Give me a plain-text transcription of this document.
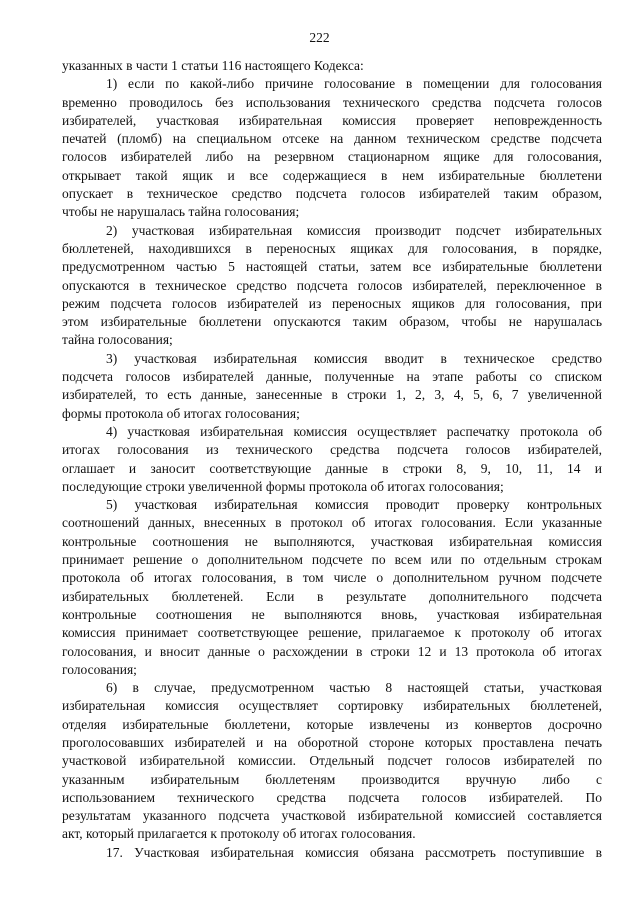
222
указанных в части 1 статьи 116 настоящего Кодекса:
1) если по какой-либо причине голосование в помещении для голосования
временно проводилось без использования технического средства подсчета голосов
избирателей, участковая избирательная комиссия проверяет неповрежденность
печатей (пломб) на специальном отсеке на данном техническом средстве подсчета
голосов избирателей либо на резервном стационарном ящике для голосования,
открывает такой ящик и все содержащиеся в нем избирательные бюллетени
опускает в техническое средство подсчета голосов избирателей таким образом,
чтобы не нарушалась тайна голосования;
2) участковая избирательная комиссия производит подсчет избирательных
бюллетеней, находившихся в переносных ящиках для голосования, в порядке,
предусмотренном частью 5 настоящей статьи, затем все избирательные бюллетени
опускаются в техническое средство подсчета голосов избирателей, переключенное в
режим подсчета голосов избирателей из переносных ящиков для голосования, при
этом избирательные бюллетени опускаются таким образом, чтобы не нарушалась
тайна голосования;
3) участковая избирательная комиссия вводит в техническое средство
подсчета голосов избирателей данные, полученные на этапе работы со списком
избирателей, то есть данные, занесенные в строки 1, 2, 3, 4, 5, 6, 7 увеличенной
формы протокола об итогах голосования;
4) участковая избирательная комиссия осуществляет распечатку протокола об
итогах голосования из технического средства подсчета голосов избирателей,
оглашает и заносит соответствующие данные в строки 8, 9, 10, 11, 14 и
последующие строки увеличенной формы протокола об итогах голосования;
5) участковая избирательная комиссия проводит проверку контрольных
соотношений данных, внесенных в протокол об итогах голосования. Если указанные
контрольные соотношения не выполняются, участковая избирательная комиссия
принимает решение о дополнительном подсчете по всем или по отдельным строкам
протокола об итогах голосования, в том числе о дополнительном ручном подсчете
избирательных бюллетеней. Если в результате дополнительного подсчета
контрольные соотношения не выполняются вновь, участковая избирательная
комиссия принимает соответствующее решение, прилагаемое к протоколу об итогах
голосования, и вносит данные о расхождении в строки 12 и 13 протокола об итогах
голосования;
6) в случае, предусмотренном частью 8 настоящей статьи, участковая
избирательная комиссия осуществляет сортировку избирательных бюллетеней,
отделяя избирательные бюллетени, которые извлечены из конвертов досрочно
проголосовавших избирателей и на оборотной стороне которых проставлена печать
участковой избирательной комиссии. Отдельный подсчет голосов избирателей по
указанным избирательным бюллетеням производится вручную либо с
использованием технического средства подсчета голосов избирателей. По
результатам указанного подсчета участковой избирательной комиссией составляется
акт, который прилагается к протоколу об итогах голосования.
17. Участковая избирательная комиссия обязана рассмотреть поступившие в
